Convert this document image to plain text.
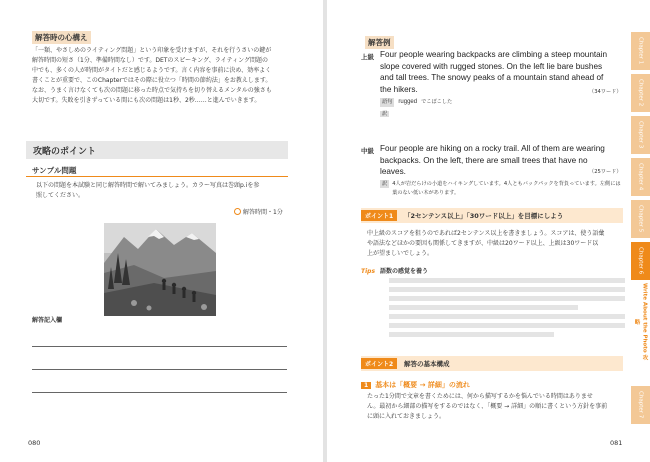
解答時の心構え
「一類、やさしめのライティング問題」という印象を受けますが、それを行うさいの鍵が
解答時間の短さ（1分、準備時間なし）です。DETのスピーキング、ライティング問題の
中でも、多くの人が時間がタイトだと感じるようです。言く内容を事前に決め、効率よく
書くことが重要で、このChapterではその際に役立つ「時間の節約法」をお教えします。
なお、うまく言けなくても次の問題に移った時点で気持ちを切り替えるメンタルの強さも
大切です。失敗を引きずっている間にも次の問題は1秒、2秒……と進んでいきます。
攻略のポイント
サンプル問題
以下の問題を本試験と同じ解答時間で解いてみましょう。カラー写真は巻頭p.iを参
照してください。
解答時間・1分
解答記入欄
080
解答例
上級 Four people wearing backpacks are climbing a steep mountain
slope covered with rugged stones. On the left lie bare bushes
and tall trees. The snowy peaks of a mountain stand ahead of
the hikers.	（34ワード）
語句	rugged でこぼこした
訳
中級 Four people are hiking on a rocky trail. All of them are wearing
backpacks. On the left, there are small trees that have no
leaves.	（25ワード）
訳 4人が岩だらけの小道をハイキングしています。4人ともバックパックを背負っています。左側には葉のない低い木があります。
ポイント1	「2センテンス以上」「30ワード以上」を目標にしよう
中上級のスコアを狙うのであれば2センテンス以上を書きましょう。スコアは、使う語彙
や語法などほかの要因も関係してきますが、中級は20ワード以上、上級は30ワード以
上が望ましいでしょう。
Tips 語数の感覚を養う
ポイント2	解答の基本構成
1	基本は「概要 → 詳細」の流れ
たった1分間で文章を書くためには、何から描写するかを悩んでいる時間はありませ
ん。最初から細部の描写をするのではなく、「概要 → 詳細」の順に書くという方針を事前
に頭に入れておきましょう。
081
Chapter 1
Chapter 2
Chapter 3
Chapter 4
Chapter 5
Chapter 6
Write About the Photo 攻略
Chapter 7
